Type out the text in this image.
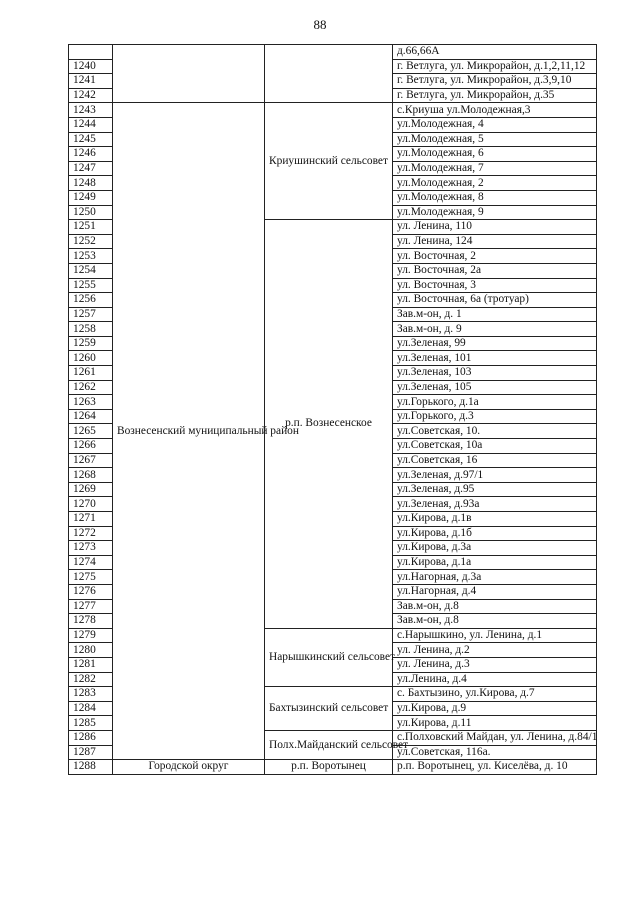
88
			д.66,66А
1240			г. Ветлуга, ул. Микрорайон, д.1,2,11,12
1241			г. Ветлуга, ул. Микрорайон, д.3,9,10
1242			г. Ветлуга, ул. Микрорайон, д.35
1243	Вознесенский муниципальный район	Криушинский сельсовет	с.Криуша ул.Молодежная,3
1244			ул.Молодежная, 4
1245			ул.Молодежная, 5
1246			ул.Молодежная, 6
1247			ул.Молодежная, 7
1248			ул.Молодежная, 2
1249			ул.Молодежная, 8
1250			ул.Молодежная, 9
1251		р.п. Вознесенское	ул. Ленина, 110
1252			ул. Ленина, 124
1253			ул. Восточная, 2
1254			ул. Восточная, 2а
1255			ул. Восточная, 3
1256			ул. Восточная, 6а (тротуар)
1257			Зав.м-он, д. 1
1258			Зав.м-он, д. 9
1259			ул.Зеленая, 99
1260			ул.Зеленая, 101
1261			ул.Зеленая, 103
1262			ул.Зеленая, 105
1263			ул.Горького, д.1а
1264			ул.Горького, д.3
1265			ул.Советская, 10.
1266			ул.Советская, 10а
1267			ул.Советская, 16
1268			ул.Зеленая, д.97/1
1269			ул.Зеленая, д.95
1270			ул.Зеленая, д.93а
1271			ул.Кирова, д.1в
1272			ул.Кирова, д.1б
1273			ул.Кирова, д.3а
1274			ул.Кирова, д.1а
1275			ул.Нагорная, д.3а
1276			ул.Нагорная, д.4
1277			Зав.м-он, д.8
1278			Зав.м-он, д.8
1279		Нарышкинский сельсовет	с.Нарышкино, ул. Ленина, д.1
1280			ул. Ленина, д.2
1281			ул. Ленина, д.3
1282			ул.Ленина, д.4
1283		Бахтызинский сельсовет	с. Бахтызино, ул.Кирова, д.7
1284			ул.Кирова, д.9
1285			ул.Кирова, д.11
1286		Полх.Майданский сельсовет	с.Полховский Майдан, ул. Ленина, д.84/1
1287			ул.Советская, 116а.
1288	Городской округ	р.п. Воротынец	р.п. Воротынец, ул. Киселёва, д. 10
